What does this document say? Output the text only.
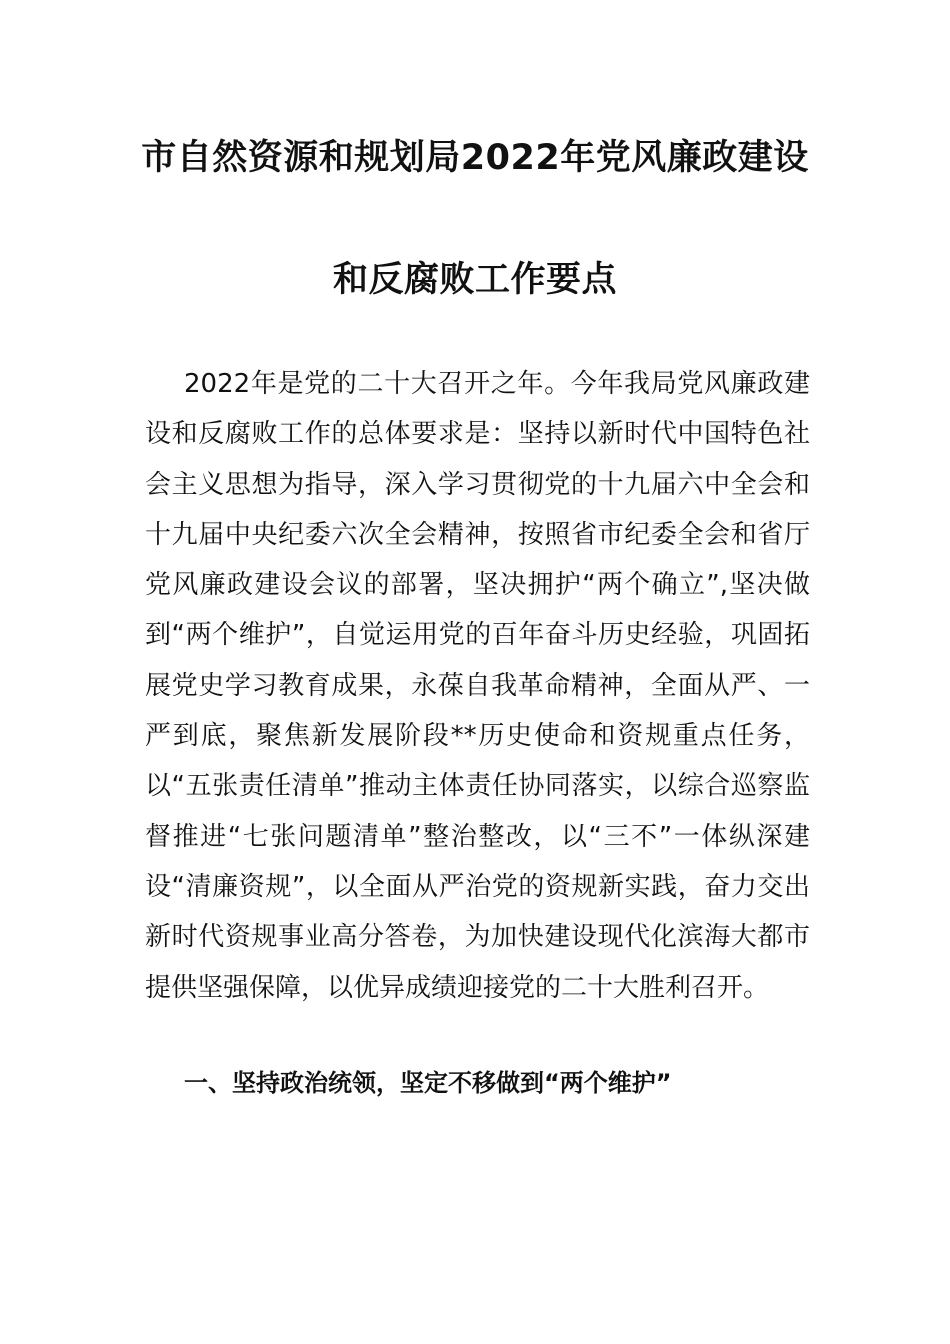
市自然资源和规划局2022年党风廉政建设
和反腐败工作要点
2022年是党的二十大召开之年。今年我局党风廉政建设和反腐败工作的总体要求是：坚持以新时代中国特色社会主义思想为指导，深入学习贯彻党的十九届六中全会和十九届中央纪委六次全会精神，按照省市纪委全会和省厅党风廉政建设会议的部署，坚决拥护“两个确立”,坚决做到“两个维护”，自觉运用党的百年奋斗历史经验，巩固拓展党史学习教育成果，永葆自我革命精神，全面从严、一严到底，聚焦新发展阶段**历史使命和资规重点任务，以“五张责任清单”推动主体责任协同落实，以综合巡察监督推进“七张问题清单”整治整改，以“三不”一体纵深建设“清廉资规”，以全面从严治党的资规新实践，奋力交出新时代资规事业高分答卷，为加快建设现代化滨海大都市提供坚强保障，以优异成绩迎接党的二十大胜利召开。
一、坚持政治统领，坚定不移做到“两个维护”
